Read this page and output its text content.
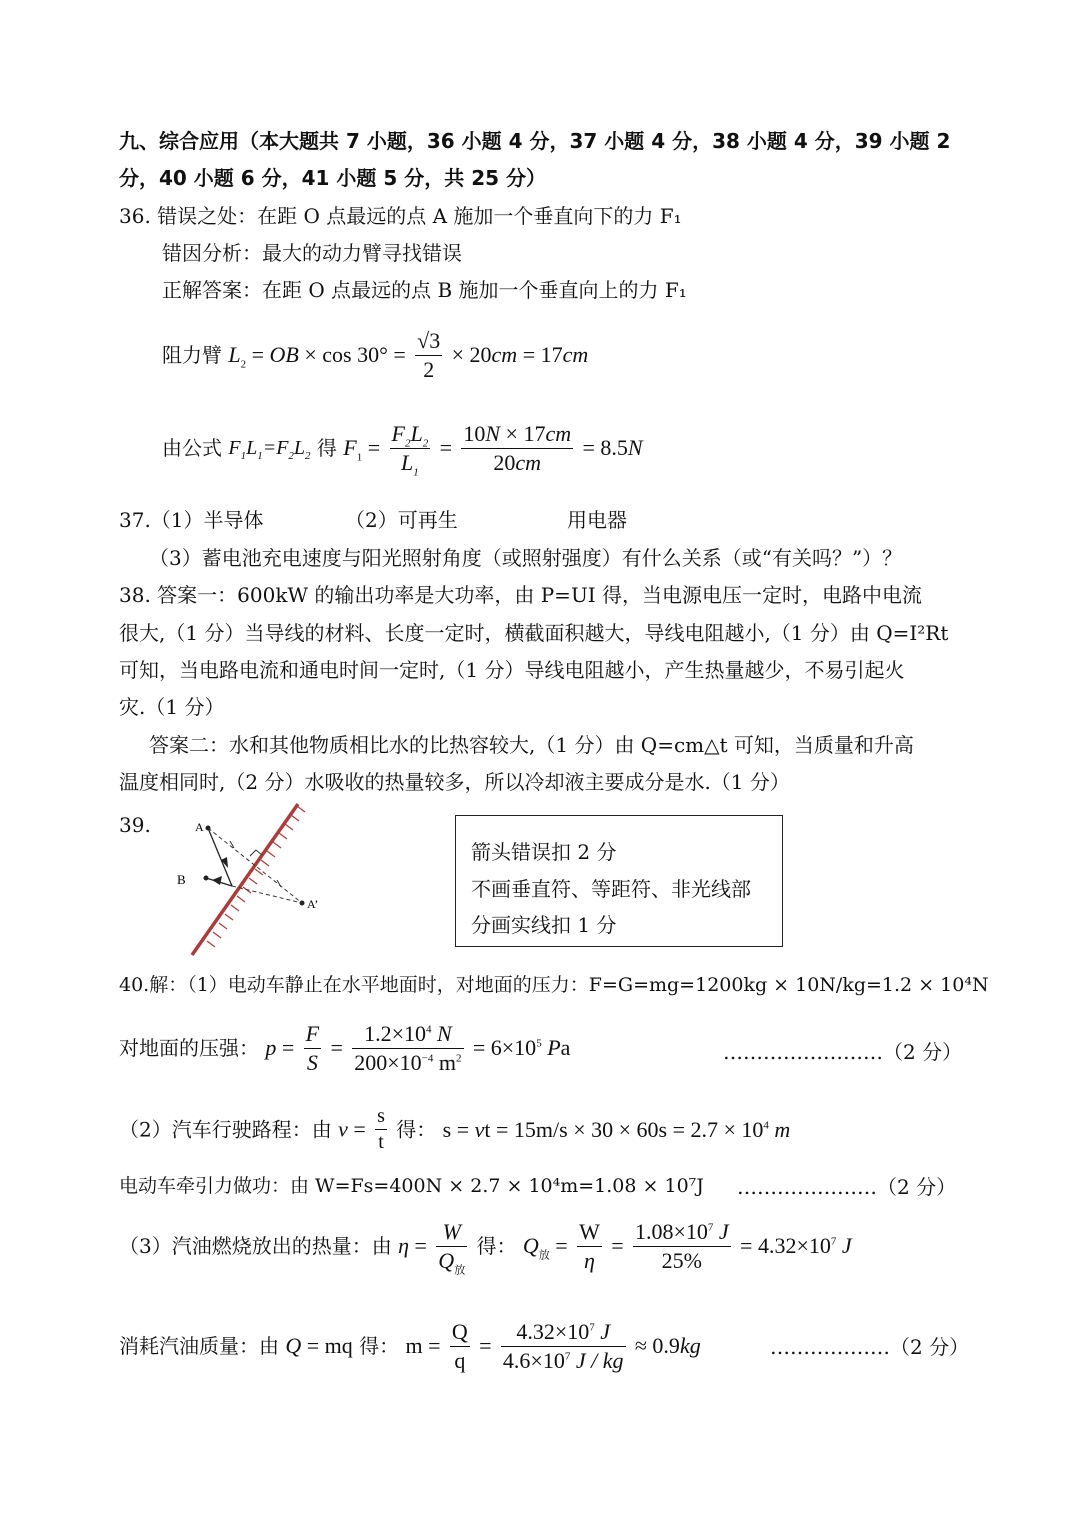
九、综合应用（本大题共 7 小题，36 小题 4 分，37 小题 4 分，38 小题 4 分，39 小题 2
分，40 小题 6 分，41 小题 5 分，共 25 分）
36. 错误之处：在距 O 点最远的点 A 施加一个垂直向下的力 F₁
错因分析：最大的动力臂寻找错误
正解答案：在距 O 点最远的点 B 施加一个垂直向上的力 F₁
阻力臂 $L_2$ = OB × $\cos 30^\circ = \frac{√3}{2} \times 20cm = 17cm$
由公式 $F_1L_1=F_2L_2$ 得 $F_1 = \frac{F_2L_2}{L_1} = \frac{10N \times 17cm}{20cm} = 8.5N$
37.（1）半导体	（2）可再生	用电器
（3）蓄电池充电速度与阳光照射角度（或照射强度）有什么关系（或“有关吗？”）？
38. 答案一：600kW 的输出功率是大功率，由 P=UI 得，当电源电压一定时，电路中电流
很大,（1 分）当导线的材料、长度一定时，横截面积越大，导线电阻越小,（1 分）由 Q=I²Rt
可知，当电路电流和通电时间一定时,（1 分）导线电阻越小，产生热量越少，不易引起火
灾.（1 分）
答案二：水和其他物质相比水的比热容较大,（1 分）由 Q=cm△t 可知，当质量和升高
温度相同时,（2 分）水吸收的热量较多，所以冷却液主要成分是水.（1 分）
39.	A
B
A’
箭头错误扣 2 分
不画垂直符、等距符、非光线部
分画实线扣 1 分
40.解：（1）电动车静止在水平地面时，对地面的压力：F=G=mg=1200kg × 10N/kg=1.2 × 10⁴N
对地面的压强： $p = \frac{F}{S} = \frac{1.2\times 10^4 N}{200\times 10^{-4} m^2} = 6\times 10^5$ Pa	……………………（2 分）
（2）汽车行驶路程：由 $v = \frac{s}{t}$ 得： s = vt = $15m/s \times 30 \times 60s = 2.7 \times 10^4$ m
电动车牵引力做功：由 W=Fs=400N × 2.7 × 10⁴m=1.08 × 10⁷J …………………（2 分）
（3）汽油燃烧放出的热量：由 $\eta = \frac{W}{Q_放}$ 得： $Q_放 = \frac{W}{\eta} = \frac{1.08\times 10^7 J}{25\%} = 4.32\times 10^7$ J
消耗汽油质量：由 Q = mq 得： $m = \frac{Q}{q} = \frac{4.32\times 10^7 J}{4.6\times 10^7 J / kg} \approx 0.9kg$	………………（2 分）
